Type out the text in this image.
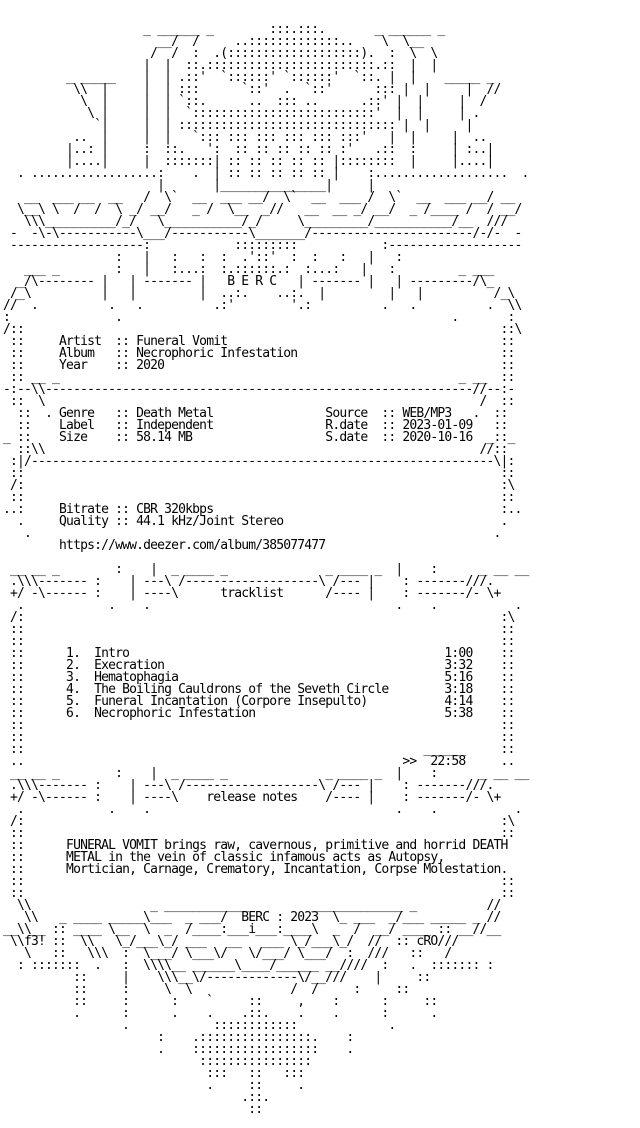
_ ______ _        :::.:::.       _ ______ _
__/  /     ..:::::::::::::..    \  \__
/  /  :  .(:::::::::::::::::::).  :  \  \
|  |  ::.::::::::::::::::::::::::.::  |  |
_ _____    |  | .::'  `::::::' `::::::'  `::. |  |    _____ _
\\  |     |  | :::      `::'  .  `::'      ::: |  |     |  //
\  |     |  | `::.      ..  ::: ..      .::' |  |     |  /
\ |     |  |  `::::::::::::::::::::::::::'  |  |     | .
`|     |  | ::::::::::::::::::::::::::::::: |  |     |
..  |     |  |   `::: ::: ::: ::: ::: :::'   |  |     |  ..
|..: |     :  ::.   ':  :: :: :: :: :: :'   .::  :     | :..|
|....|     |  :::::::| :: :: :: :: :: |::::::::  |     |....|
. ..................:    .  | :: :: :: :: :: |    :...................  .
|       |_______________|     |
__  ___ __  __   /  \`  __  ___ __/  \`  __  ___ /  \`  __  ___ __/ __
\__\ \  /  /  \ _/ __/   _ /  \__  _//   __  __ _/ __/  _ /____ /  / __/
\\\__________/_/   \___________/_/     \_________/___________/__  ///
-  -\-\-----------\___/-----------\_______/-----------------------/-/-  -
-------------------:            :::::::::            :-------------------
:   |   :   :  :  .'::'  :  :   :   |   :
___ _        :   |   :...:  :.::::::.:  :...:   |   :         _ ___
_/\-------- |   | ------- |   B E R C   | ------- |   | ---------/\_
/_\          |   |         |  ..:.    ..:.  |         |   |          /_\
//  .          .   .          .:'        '.:          .   .          .  \\
:               .                                               .       :
/::                                                                    ::\
::     Artist  :: Funeral Vomit                                       ::
::     Album   :: Necrophoric Infestation                             ::
::     Year    :: 2020                                                ::
:: __ _                                                         _ __  ::
-:--\\-------------------------------------------------------------//--:-
::  \                                                              /  ::
::  . Genre   :: Death Metal                Source  :: WEB/MP3   .  ::
::    Label   :: Independent                R.date  :: 2023-01-09   ::
_ ::    Size    :: 58.14 MB                   S.date  :: 2020-10-16  _::_
::\\                                                              //::
:|/------------------------------------------------------------------\|:
::                                                                    ::
/:                                                                    :\
::                                                                    ::
..:     Bitrate :: CBR 320kbps                                         :..
.     Quality :: 44.1 kHz/Joint Stereo                               .
.                                                                  .
https://www.deezer.com/album/385077477
__ __ _        :    |  _ ____ _              _ ____ _  |    :      _ __ __
.\\\------- :    | ---\ /-------------------\ /--- |    : -------///.
+/ -\------ :    | ----\      tracklist      /---- |    : -------/- \+
.            .    .                                   .    .           .
/:                                                                    :\
::                                                                    ::
::                                                                    ::
::      1.  Intro                                             1:00    ::
::      2.  Execration                                        3:32    ::
::      3.  Hematophagia                                      5:16    ::
::      4.  The Boiling Cauldrons of the Seveth Circle        3:18    ::
::      5.  Funeral Incantation (Corpore Insepulto)           4:14    ::
::      6.  Necrophoric Infestation                           5:38    ::
::                                                                    ::
::                                                                    ::
::                                                         ______     ::
..                                                      >>  22:58     ..
__ __ _        :    |  _ ____ _              _ ____ _  |    :      _ __ __
.\\\------- :    | ---\ /-------------------\ /--- |    : -------///.
+/ -\------ :    | ----\    release notes    /---- |    : -------/- \+
.            .    .                                   .    .           .
/:                                                                    :\
::                                                                    ::
::      FUNERAL VOMIT brings raw, cavernous, primitive and horrid DEATH
::      METAL in the vein of classic infamous acts as Autopsy,
::      Mortician, Carnage, Crematory, Incantation, Corpse Molestation.
::                                                                    ::
::                                                                    ::
\\                 _ ____________         _____________ _          //
\\   _ ____ _____\___  _ ___/  BERC : 2023  \_ ___  _/___ _____ _ //
__\\__ :: ____ \__  \  _  /____:___i___:____\  _  /  __/ ____ :: __//__
\\f3! ::  \\   \_/___\_/ ___   __   ___ \_/___\_/  //  :: cRO///
\   ::   \\\  :  \___/ \___\/   \/___/ \___/  :  ///   ::   /
: :::::::  .   :  \\\\__ ______\____/______ __////  :   .  ::::::: :
::     |    \\\__\/-------------\/__///    |     ::
::     :     \  \              /  /     :     ::
::     :      :    `     ::     ,    :      :     ::
.      :      .    .    .::.    .    .      :      .
.            ::::::::::::             .
:    .::::::::::::::::.    :
.    ::::::::::::::::::    .
::::::::::::::::
:::   ::   :::
.     ::     .
.::.
::
